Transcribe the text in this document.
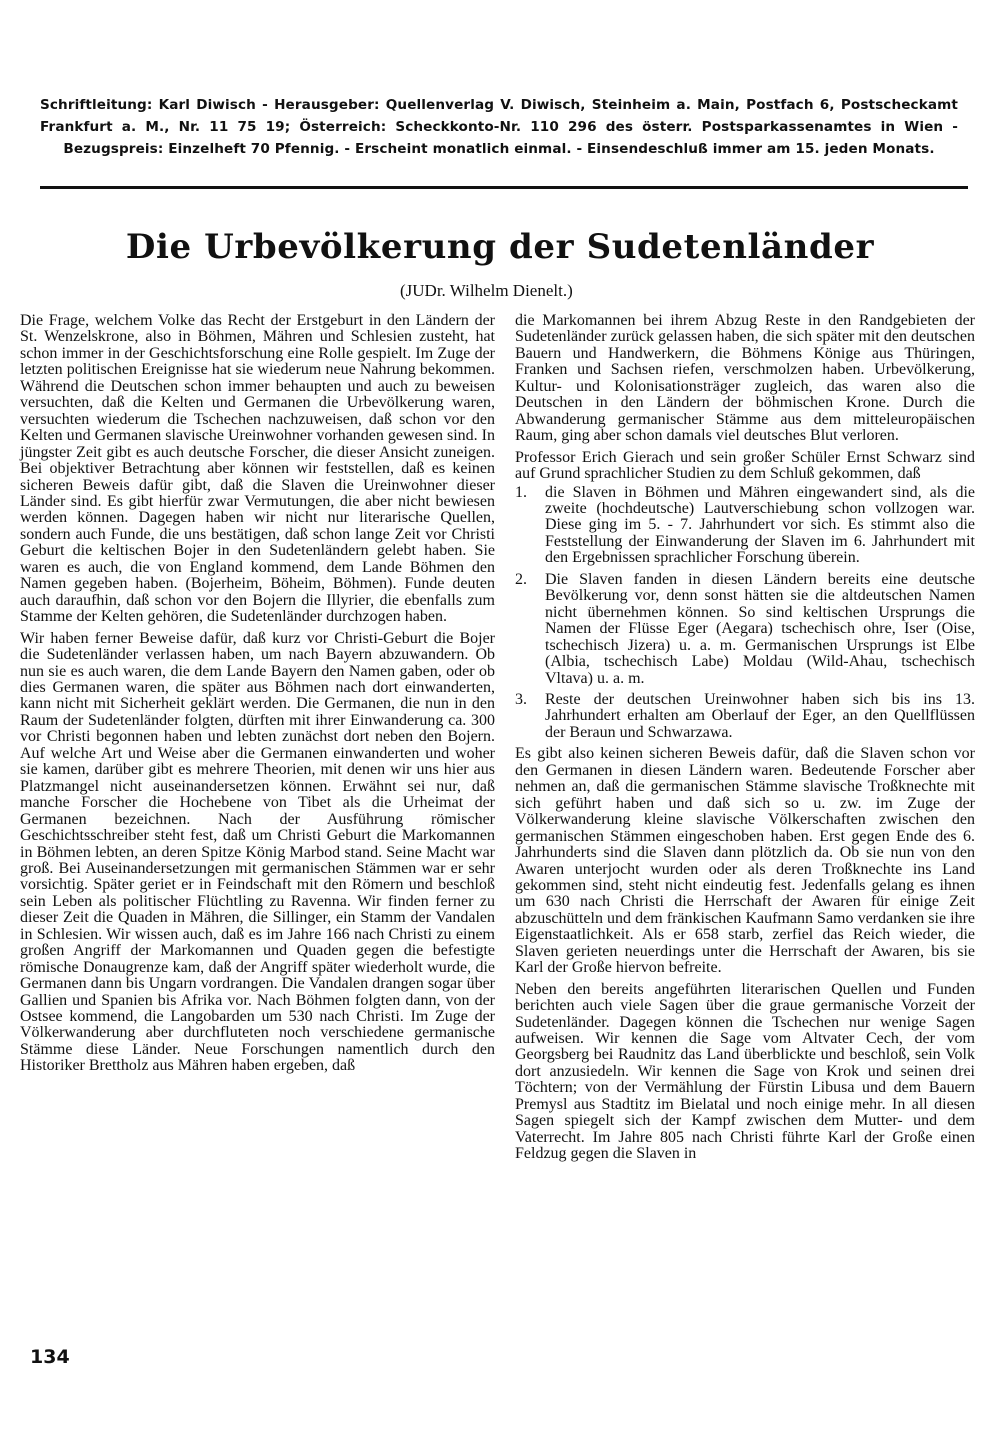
Schriftleitung: Karl Diwisch - Herausgeber: Quellenverlag V. Diwisch, Steinheim a. Main, Postfach 6, Postscheckamt Frankfurt a. M., Nr. 11 75 19; Österreich: Scheckkonto-Nr. 110 296 des österr. Postsparkassenamtes in Wien - Bezugspreis: Einzelheft 70 Pfennig. - Erscheint monatlich einmal. - Einsendeschluß immer am 15. jeden Monats.
Die Urbevölkerung der Sudetenländer
(JUDr. Wilhelm Dienelt.)

Die Frage, welchem Volke das Recht der Erstgeburt in den Ländern der St. Wenzelskrone, also in Böhmen, Mähren und Schlesien zusteht, hat schon immer in der Geschichtsforschung eine Rolle gespielt. Im Zuge der letzten politischen Ereignisse hat sie wiederum neue Nahrung bekommen. Während die Deutschen schon immer behaupten und auch zu beweisen versuchten, daß die Kelten und Germanen die Urbevölkerung waren, versuchten wiederum die Tschechen nachzuweisen, daß schon vor den Kelten und Germanen slavische Ureinwohner vorhanden gewesen sind. In jüngster Zeit gibt es auch deutsche Forscher, die dieser Ansicht zuneigen. Bei objektiver Betrachtung aber können wir feststellen, daß es keinen sicheren Beweis dafür gibt, daß die Slaven die Ureinwohner dieser Länder sind. Es gibt hierfür zwar Vermutungen, die aber nicht bewiesen werden können. Dagegen haben wir nicht nur literarische Quellen, sondern auch Funde, die uns bestätigen, daß schon lange Zeit vor Christi Geburt die keltischen Bojer in den Sudetenländern gelebt haben. Sie waren es auch, die von England kommend, dem Lande Böhmen den Namen gegeben haben. (Bojerheim, Böheim, Böhmen). Funde deuten auch daraufhin, daß schon vor den Bojern die Illyrier, die ebenfalls zum Stamme der Kelten gehören, die Sudetenländer durchzogen haben.

Wir haben ferner Beweise dafür, daß kurz vor Christi-Geburt die Bojer die Sudetenländer verlassen haben, um nach Bayern abzuwandern. Ob nun sie es auch waren, die dem Lande Bayern den Namen gaben, oder ob dies Germanen waren, die später aus Böhmen nach dort einwanderten, kann nicht mit Sicherheit geklärt werden. Die Germanen, die nun in den Raum der Sudetenländer folgten, dürften mit ihrer Einwanderung ca. 300 vor Christi begonnen haben und lebten zunächst dort neben den Bojern. Auf welche Art und Weise aber die Germanen einwanderten und woher sie kamen, darüber gibt es mehrere Theorien, mit denen wir uns hier aus Platzmangel nicht auseinandersetzen können. Erwähnt sei nur, daß manche Forscher die Hochebene von Tibet als die Urheimat der Germanen bezeichnen. Nach der Ausführung römischer Geschichtsschreiber steht fest, daß um Christi Geburt die Markomannen in Böhmen lebten, an deren Spitze König Marbod stand. Seine Macht war groß. Bei Auseinandersetzungen mit germanischen Stämmen war er sehr vorsichtig. Später geriet er in Feindschaft mit den Römern und beschloß sein Leben als politischer Flüchtling zu Ravenna. Wir finden ferner zu dieser Zeit die Quaden in Mähren, die Sillinger, ein Stamm der Vandalen in Schlesien. Wir wissen auch, daß es im Jahre 166 nach Christi zu einem großen Angriff der Markomannen und Quaden gegen die befestigte römische Donaugrenze kam, daß der Angriff später wiederholt wurde, die Germanen dann bis Ungarn vordrangen. Die Vandalen drangen sogar über Gallien und Spanien bis Afrika vor. Nach Böhmen folgten dann, von der Ostsee kommend, die Langobarden um 530 nach Christi. Im Zuge der Völkerwanderung aber durchfluteten noch verschiedene germanische Stämme diese Länder. Neue Forschungen namentlich durch den Historiker Brettholz aus Mähren haben ergeben, daß

die Markomannen bei ihrem Abzug Reste in den Randgebieten der Sudetenländer zurück gelassen haben, die sich später mit den deutschen Bauern und Handwerkern, die Böhmens Könige aus Thüringen, Franken und Sachsen riefen, verschmolzen haben. Urbevölkerung, Kultur- und Kolonisationsträger zugleich, das waren also die Deutschen in den Ländern der böhmischen Krone. Durch die Abwanderung germanischer Stämme aus dem mitteleuropäischen Raum, ging aber schon damals viel deutsches Blut verloren.

Professor Erich Gierach und sein großer Schüler Ernst Schwarz sind auf Grund sprachlicher Studien zu dem Schluß gekommen, daß

1. die Slaven in Böhmen und Mähren eingewandert sind, als die zweite (hochdeutsche) Lautverschiebung schon vollzogen war. Diese ging im 5. - 7. Jahrhundert vor sich. Es stimmt also die Feststellung der Einwanderung der Slaven im 6. Jahrhundert mit den Ergebnissen sprachlicher Forschung überein.
2. Die Slaven fanden in diesen Ländern bereits eine deutsche Bevölkerung vor, denn sonst hätten sie die altdeutschen Namen nicht übernehmen können. So sind keltischen Ursprungs die Namen der Flüsse Eger (Aegara) tschechisch ohre, Iser (Oise, tschechisch Jizera) u. a. m. Germanischen Ursprungs ist Elbe (Albia, tschechisch Labe) Moldau (Wild-Ahau, tschechisch Vltava) u. a. m.
3. Reste der deutschen Ureinwohner haben sich bis ins 13. Jahrhundert erhalten am Oberlauf der Eger, an den Quellflüssen der Beraun und Schwarzawa.

Es gibt also keinen sicheren Beweis dafür, daß die Slaven schon vor den Germanen in diesen Ländern waren. Bedeutende Forscher aber nehmen an, daß die germanischen Stämme slavische Troßknechte mit sich geführt haben und daß sich so u. zw. im Zuge der Völkerwanderung kleine slavische Völkerschaften zwischen den germanischen Stämmen eingeschoben haben. Erst gegen Ende des 6. Jahrhunderts sind die Slaven dann plötzlich da. Ob sie nun von den Awaren unterjocht wurden oder als deren Troßknechte ins Land gekommen sind, steht nicht eindeutig fest. Jedenfalls gelang es ihnen um 630 nach Christi die Herrschaft der Awaren für einige Zeit abzuschütteln und dem fränkischen Kaufmann Samo verdanken sie ihre Eigenstaatlichkeit. Als er 658 starb, zerfiel das Reich wieder, die Slaven gerieten neuerdings unter die Herrschaft der Awaren, bis sie Karl der Große hiervon befreite.

Neben den bereits angeführten literarischen Quellen und Funden berichten auch viele Sagen über die graue germanische Vorzeit der Sudetenländer. Dagegen können die Tschechen nur wenige Sagen aufweisen. Wir kennen die Sage vom Altvater Cech, der vom Georgsberg bei Raudnitz das Land überblickte und beschloß, sein Volk dort anzusiedeln. Wir kennen die Sage von Krok und seinen drei Töchtern; von der Vermählung der Fürstin Libusa und dem Bauern Premysl aus Stadtitz im Bielatal und noch einige mehr. In all diesen Sagen spiegelt sich der Kampf zwischen dem Mutter- und dem Vaterrecht. Im Jahre 805 nach Christi führte Karl der Große einen Feldzug gegen die Slaven in

134
